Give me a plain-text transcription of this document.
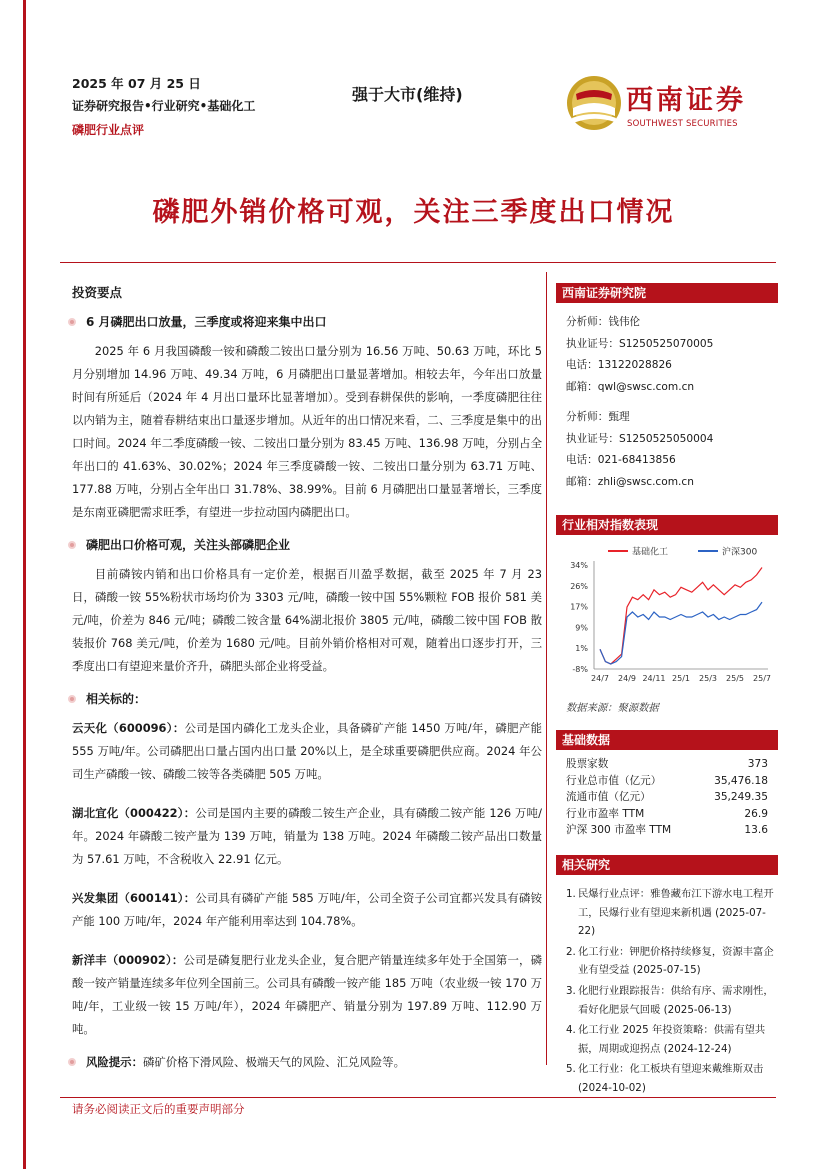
2025 年 07 月 25 日
证券研究报告•行业研究•基础化工
磷肥行业点评
强于大市(维持)	西南证券
SOUTHWEST SECURITIES
磷肥外销价格可观，关注三季度出口情况
投资要点
6 月磷肥出口放量，三季度或将迎来集中出口
2025 年 6 月我国磷酸一铵和磷酸二铵出口量分别为 16.56 万吨、50.63 万吨，环比 5 月分别增加 14.96 万吨、49.34 万吨，6 月磷肥出口量显著增加。相较去年，今年出口放量时间有所延后（2024 年 4 月出口量环比显著增加）。受到春耕保供的影响，一季度磷肥往往以内销为主，随着春耕结束出口量逐步增加。从近年的出口情况来看，二、三季度是集中的出口时间。2024 年二季度磷酸一铵、二铵出口量分别为 83.45 万吨、136.98 万吨，分别占全年出口的 41.63%、30.02%；2024 年三季度磷酸一铵、二铵出口量分别为 63.71 万吨、177.88 万吨，分别占全年出口 31.78%、38.99%。目前 6 月磷肥出口量显著增长，三季度是东南亚磷肥需求旺季，有望进一步拉动国内磷肥出口。
磷肥出口价格可观，关注头部磷肥企业
目前磷铵内销和出口价格具有一定价差，根据百川盈孚数据，截至 2025 年 7 月 23 日，磷酸一铵 55%粉状市场均价为 3303 元/吨，磷酸一铵中国 55%颗粒 FOB 报价 581 美元/吨，价差为 846 元/吨；磷酸二铵含量 64%湖北报价 3805 元/吨，磷酸二铵中国 FOB 散装报价 768 美元/吨，价差为 1680 元/吨。目前外销价格相对可观，随着出口逐步打开，三季度出口有望迎来量价齐升，磷肥头部企业将受益。
相关标的：
云天化（600096）：公司是国内磷化工龙头企业，具备磷矿产能 1450 万吨/年，磷肥产能 555 万吨/年。公司磷肥出口量占国内出口量 20%以上，是全球重要磷肥供应商。2024 年公司生产磷酸一铵、磷酸二铵等各类磷肥 505 万吨。
湖北宜化（000422）：公司是国内主要的磷酸二铵生产企业，具有磷酸二铵产能 126 万吨/年。2024 年磷酸二铵产量为 139 万吨，销量为 138 万吨。2024 年磷酸二铵产品出口数量为 57.61 万吨，不含税收入 22.91 亿元。
兴发集团（600141）：公司具有磷矿产能 585 万吨/年，公司全资子公司宜都兴发具有磷铵产能 100 万吨/年，2024 年产能利用率达到 104.78%。
新洋丰（000902）：公司是磷复肥行业龙头企业，复合肥产销量连续多年处于全国第一，磷酸一铵产销量连续多年位列全国前三。公司具有磷酸一铵产能 185 万吨（农业级一铵 170 万吨/年，工业级一铵 15 万吨/年），2024 年磷肥产、销量分别为 197.89 万吨、112.90 万吨。
风险提示：磷矿价格下滑风险、极端天气的风险、汇兑风险等。
西南证券研究院
分析师：钱伟伦
执业证号：S1250525070005
电话：13122028826
邮箱：qwl@swsc.com.cn
分析师：甄理
执业证号：S1250525050004
电话：021-68413856
邮箱：zhli@swsc.com.cn
行业相对指数表现
基础化工	沪深300
34%
26%
17%
9%
1%
-8%
24/7 24/9 24/11 25/1 25/3 25/5 25/7
数据来源：聚源数据
基础数据
股票家数	373
行业总市值（亿元）	35,476.18
流通市值（亿元）	35,249.35
行业市盈率 TTM	26.9
沪深 300 市盈率 TTM	13.6
相关研究
1. 民爆行业点评：雅鲁藏布江下游水电工程开工，民爆行业有望迎来新机遇 (2025-07-22)
2. 化工行业：钾肥价格持续修复，资源丰富企业有望受益 (2025-07-15)
3. 化肥行业跟踪报告：供给有序、需求刚性，看好化肥景气回暖 (2025-06-13)
4. 化工行业 2025 年投资策略：供需有望共振，周期或迎拐点 (2024-12-24)
5. 化工行业：化工板块有望迎来戴维斯双击 (2024-10-02)
请务必阅读正文后的重要声明部分
